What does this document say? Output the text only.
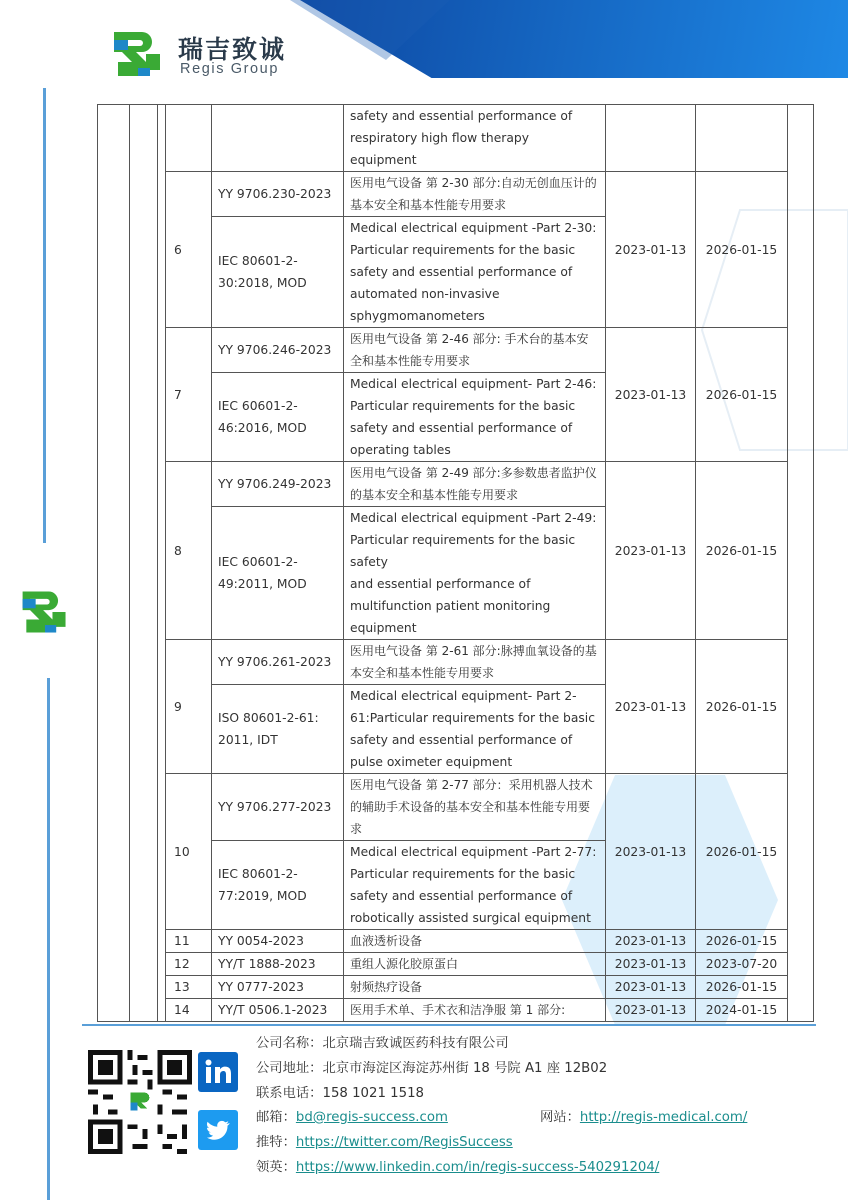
瑞吉致诚
Regis Group
					safety and essential performance of respiratory high flow therapy equipment			
			6	YY 9706.230-2023	医用电气设备 第 2-30 部分:自动无创血压计的基本安全和基本性能专用要求	2023-01-13	2026-01-15	
				IEC 80601-2-30:2018, MOD	Medical electrical equipment -Part 2-30: Particular requirements for the basic safety and essential performance of automated non-invasive sphygmomanometers			
			7	YY 9706.246-2023	医用电气设备 第 2-46 部分: 手术台的基本安全和基本性能专用要求	2023-01-13	2026-01-15	
				IEC 60601-2-46:2016, MOD	Medical electrical equipment- Part 2-46: Particular requirements for the basic safety and essential performance of operating tables			
			8	YY 9706.249-2023	医用电气设备 第 2-49 部分:多参数患者监护仪的基本安全和基本性能专用要求	2023-01-13	2026-01-15	
				IEC 60601-2-49:2011, MOD	Medical electrical equipment -Part 2-49: Particular requirements for the basic safety
and essential performance of multifunction patient monitoring equipment			

			9	YY 9706.261-2023	医用电气设备 第 2-61 部分:脉搏血氧设备的基本安全和基本性能专用要求	2023-01-13	2026-01-15	
				ISO 80601-2-61: 2011, IDT	Medical electrical equipment- Part 2-61:Particular requirements for the basic safety and essential performance of pulse oximeter equipment			
			10	YY 9706.277-2023	医用电气设备 第 2-77 部分：采用机器人技术的辅助手术设备的基本安全和基本性能专用要求	2023-01-13	2026-01-15	
				IEC 80601-2-77:2019, MOD	Medical electrical equipment -Part 2-77: Particular requirements for the basic safety and essential performance of robotically assisted surgical equipment			
			11	YY 0054-2023	血液透析设备	2023-01-13	2026-01-15	
			12	YY/T 1888-2023	重组人源化胶原蛋白	2023-01-13	2023-07-20	
			13	YY 0777-2023	射频热疗设备	2023-01-13	2026-01-15	
			14	YY/T 0506.1-2023	医用手术单、手术衣和洁净服 第 1 部分:	2023-01-13	2024-01-15	
公司名称：北京瑞吉致诚医药科技有限公司
公司地址：北京市海淀区海淀苏州街 18 号院 A1 座 12B02
联系电话：158 1021 1518
邮箱：bd@regis-success.com	网站：http://regis-medical.com/
推特：https://twitter.com/RegisSuccess
领英：https://www.linkedin.com/in/regis-success-540291204/
